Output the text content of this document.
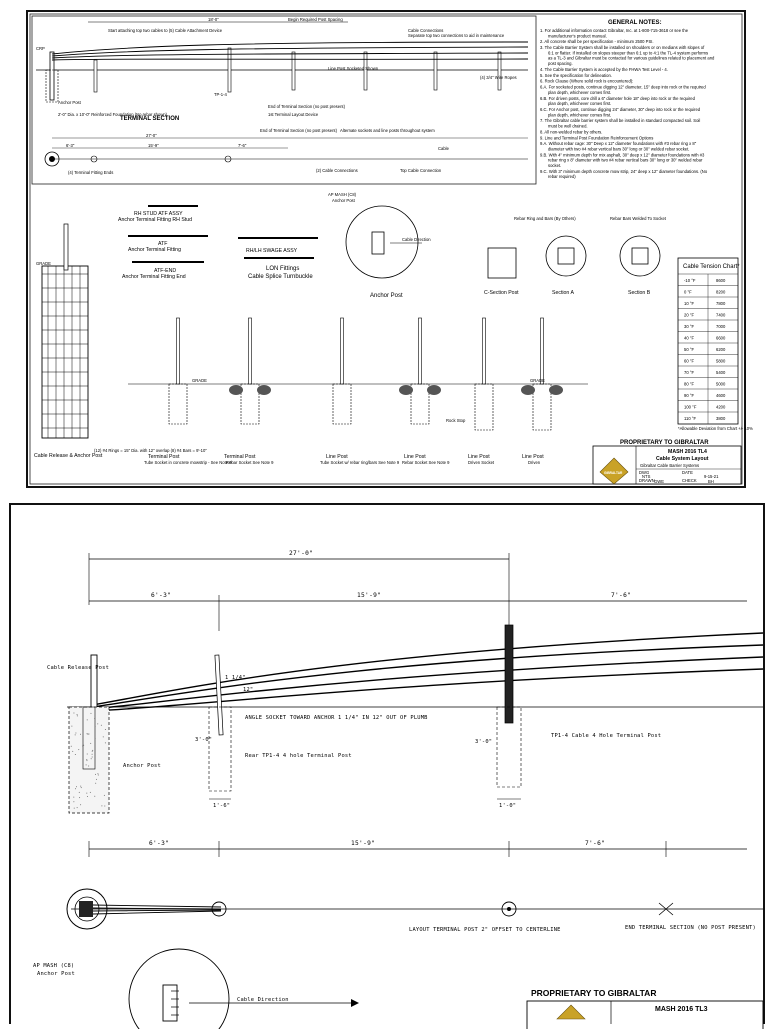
18'-0"	Begin Required Post Spacing
CRP
Start attaching top two cables to (5) Cable Attachment Device	Cable Connections
Separate top two connections to aid in maintenance
Line Post Socketed Shown
(4) 3/4" Wire Ropes
Anchor Post
2'-0" Dia. x 10'-0" Reinforced Foundation (No rebar shown)
TERMINAL SECTION
End of Terminal Section (no post present)
1st Terminal Layout Device
TP-1-4
27'-0"
6'-3"	15'-9"	7'-6"
End of Terminal Section (no post present) Alternate sockets and line posts throughout system
Cable
(4) Terminal Fitting Ends	(2) Cable Connections	Top Cable Connection
GENERAL NOTES:
1. For additional information contact Gibraltar, Inc. at 1-800-715-3618 or see the
manufacturer's product manual.
2. All concrete shall be per specification - minimum 2500 PSI.
3. The Cable Barrier System shall be installed on shoulders or on medians with slopes of
6:1 or flatter. If installed on slopes steeper than 6:1 up to 4:1 the TL-4 system performs
as a TL-3 and Gibraltar must be contacted for various guidelines related to placement and
post spacing.
4. The Cable Barrier System is accepted by the FHWA Test Level - 4.
5. See the specification for delineation.
6. Rock Clause (Where solid rock is encountered):
6.A. For socketed posts, continue digging 12" diameter, 15" deep into rock or the required
plan depth, whichever comes first.
6.B. For driven posts, core drill a 6" diameter hole 18" deep into rock or the required
plan depth, whichever comes first.
6.C. For Anchor post, continue digging 24" diameter, 30" deep into rock or the required
plan depth, whichever comes first.
7. The Gibraltar cable barrier system shall be installed in standard compacted soil. Soil
must be well drained.
8. All non-welded rebar by others.
9. Line and Terminal Post Foundation Reinforcement Options
9.A. Without rebar cage: 30" Deep x 12" diameter foundations with #3 rebar ring x 8"
diameter with two #4 rebar vertical bars 30" long or 30" welded rebar socket.
9.B. With 4" minimum depth for mix asphalt, 30" deep x 12" diameter foundations with #3
rebar ring x 8" diameter with two #4 rebar vertical bars 30" long or 30" welded rebar
socket.
9.C. With 3" minimum depth concrete mow strip, 24" deep x 12" diameter foundations. (No
rebar required)
RH STUD ATF ASSY
Anchor Terminal Fitting RH Stud
ATF
Anchor Terminal Fitting
ATF-END
Anchor Terminal Fitting End
RH/LH SWAGE ASSY
LON Fittings
Cable Splice Turnbuckle
Cable Direction
AP MASH (C8)
Anchor Post
Anchor Post	C-Section Post	Section A	Section B
Rebar Ring and Bars (By Others)	Rebar Bars Welded To Socket
GRADE
Cable Release & Anchor Post
(12) #4 Rings = 15" Dia. with 12" overlap (8) #4 Bars = 9'-10"
GRADE	GRADE
Rock Stop
Terminal Post
Tube Socket in concrete mowstrip - See Note 9
Terminal Post
Rebar Socket See Note 9
Line Post
Tube Socket w/ rebar ring/bars See Note 9
Line Post
Rebar Socket See Note 9
Line Post
Driven Socket
Line Post
Driven
Cable Tension Chart*
-10 °F	8600
0 °F	8200
10 °F	7800
20 °F	7400
30 °F	7000
40 °F	6600
50 °F	6200
60 °F	5800
70 °F	5400
80 °F	5000
90 °F	4600
100 °F	4200
110 °F	3800
*Allowable Deviation from Chart +/- 10%
PROPRIETARY TO GIBRALTAR
GIBRALTAR
MASH 2016 TL4
Cable System Layout
Gibraltar Cable Barrier Systems
DWG
NTS
DATE
9-15-21
DRAWN GWE	CHECK	BH
27'-0"
6'-3"	15'-9"	7'-6"
Cable Release Post
Anchor Post
1 1/4"
12"
ANGLE SOCKET TOWARD ANCHOR 1 1/4" IN 12" OUT OF PLUMB
Rear TP1-4 4 hole Terminal Post
3'-0"
1'-6"
TP1-4 Cable 4 Hole Terminal Post
3'-0"
1'-0"
6'-3"	15'-9"	7'-6"
LAYOUT TERMINAL POST 2" OFFSET TO CENTERLINE	END TERMINAL SECTION (NO POST PRESENT)
AP MASH (C8)
Anchor Post
Cable Direction
PROPRIETARY TO GIBRALTAR
MASH 2016 TL3
